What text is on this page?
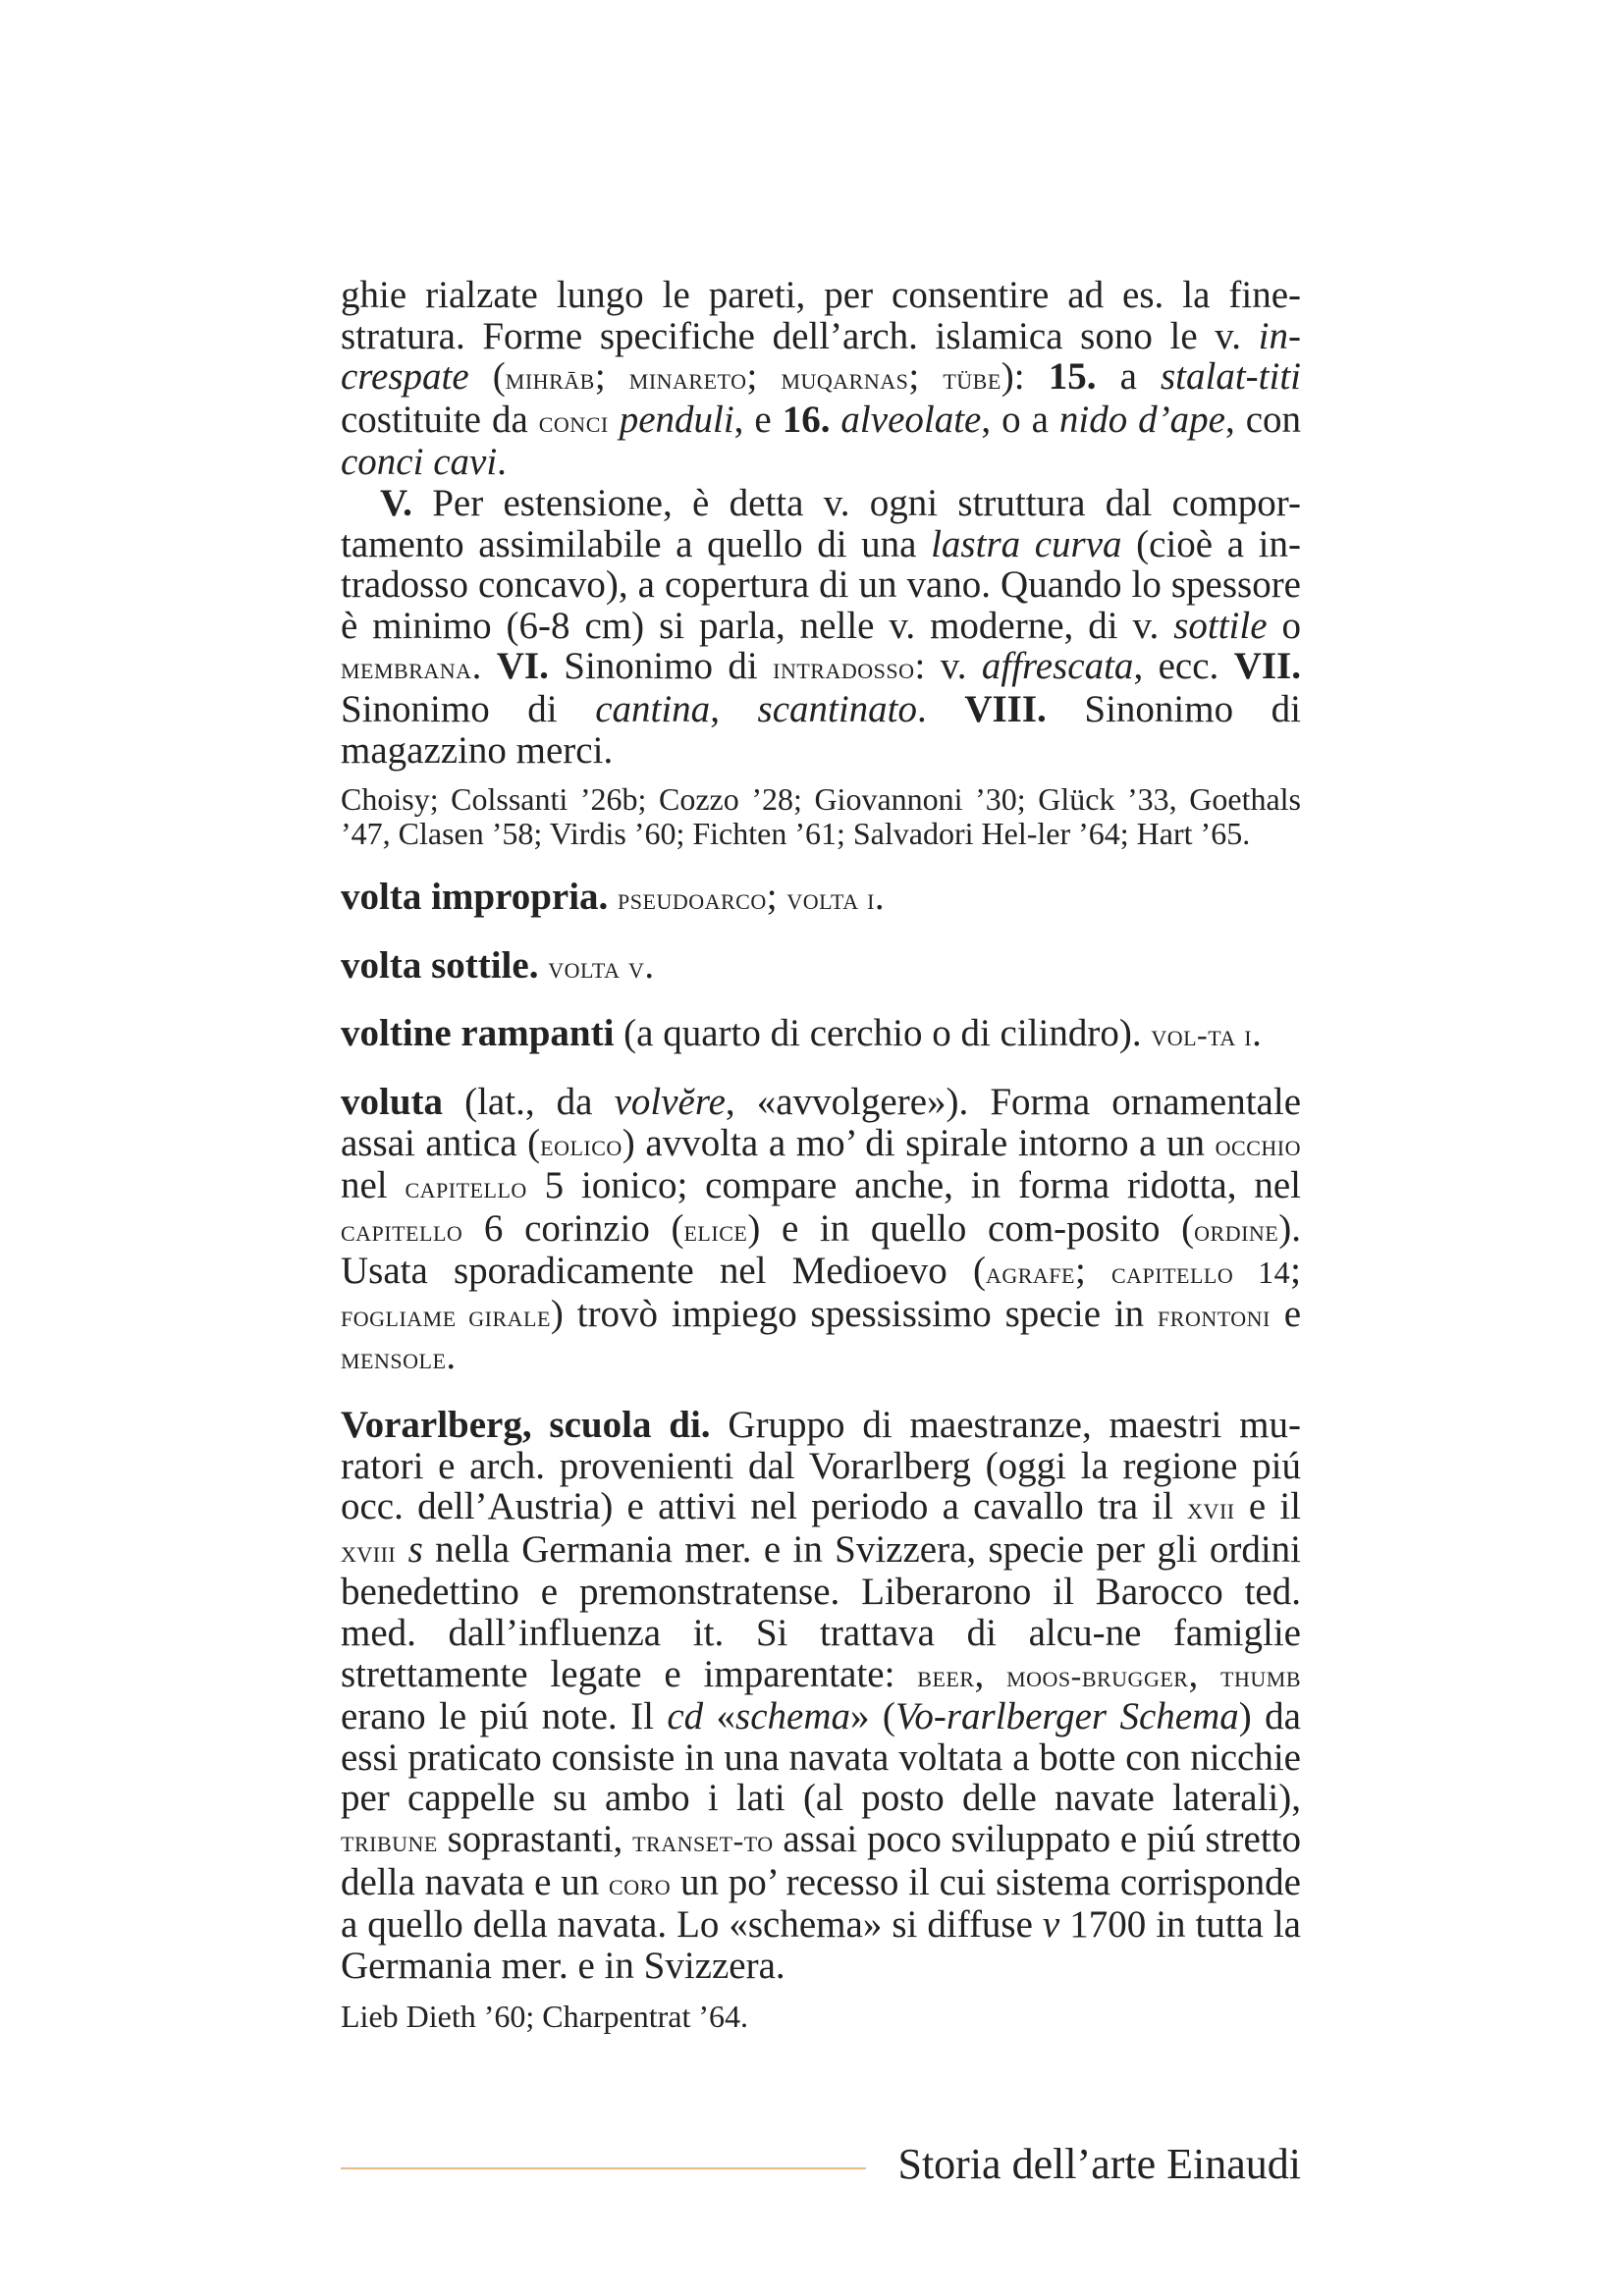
ghie rialzate lungo le pareti, per consentire ad es. la fine-stratura. Forme specifiche dell’arch. islamica sono le v. in-crespate (mihrāb; minareto; muqarnas; tübe): 15. a stalat-titi costituite da conci penduli, e 16. alveolate, o a nido d’ape, con conci cavi.

V. Per estensione, è detta v. ogni struttura dal compor-tamento assimilabile a quello di una lastra curva (cioè a in-tradosso concavo), a copertura di un vano. Quando lo spessore è minimo (6-8 cm) si parla, nelle v. moderne, di v. sottile o membrana. VI. Sinonimo di intradosso: v. affrescata, ecc. VII. Sinonimo di cantina, scantinato. VIII. Sinonimo di magazzino merci.

Choisy; Colssanti ’26b; Cozzo ’28; Giovannoni ’30; Glück ’33, Goethals ’47, Clasen ’58; Virdis ’60; Fichten ’61; Salvadori Hel-ler ’64; Hart ’65.

volta impropria. pseudoarco; volta i.

volta sottile. volta v.

voltine rampanti (a quarto di cerchio o di cilindro). vol-ta i.

voluta (lat., da volvĕre, «avvolgere»). Forma ornamentale assai antica (eolico) avvolta a mo’ di spirale intorno a un occhio nel capitello 5 ionico; compare anche, in forma ridotta, nel capitello 6 corinzio (elice) e in quello com-posito (ordine). Usata sporadicamente nel Medioevo (agrafe; capitello 14; fogliame girale) trovò impiego spessissimo specie in frontoni e mensole.

Vorarlberg, scuola di. Gruppo di maestranze, maestri mu-ratori e arch. provenienti dal Vorarlberg (oggi la regione piú occ. dell’Austria) e attivi nel periodo a cavallo tra il xvii e il xviii s nella Germania mer. e in Svizzera, specie per gli ordini benedettino e premonstratense. Liberarono il Barocco ted. med. dall’influenza it. Si trattava di alcu-ne famiglie strettamente legate e imparentate: beer, moos-brugger, thumb erano le piú note. Il cd «schema» (Vo-rarlberger Schema) da essi praticato consiste in una navata voltata a botte con nicchie per cappelle su ambo i lati (al posto delle navate laterali), tribune soprastanti, transet-to assai poco sviluppato e piú stretto della navata e un coro un po’ recesso il cui sistema corrisponde a quello della navata. Lo «schema» si diffuse v 1700 in tutta la Germania mer. e in Svizzera.

Lieb Dieth ’60; Charpentrat ’64.

Storia dell’arte Einaudi
